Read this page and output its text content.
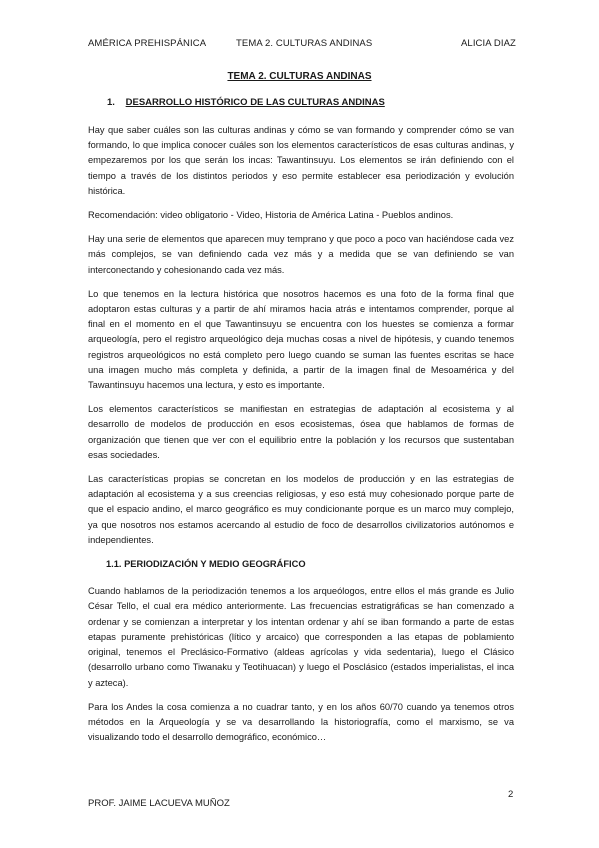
AMÉRICA PREHISPÁNICA	TEMA 2. CULTURAS ANDINAS	ALICIA DIAZ
TEMA 2. CULTURAS ANDINAS
1. DESARROLLO HISTÓRICO DE LAS CULTURAS ANDINAS

Hay que saber cuáles son las culturas andinas y cómo se van formando y comprender cómo se van formando, lo que implica conocer cuáles son los elementos característicos de esas culturas andinas, y empezaremos por los que serán los incas: Tawantinsuyu. Los elementos se irán definiendo con el tiempo a través de los distintos periodos y eso permite establecer esa periodización y evolución histórica.

Recomendación: video obligatorio - Video, Historia de América Latina - Pueblos andinos.

Hay una serie de elementos que aparecen muy temprano y que poco a poco van haciéndose cada vez más complejos, se van definiendo cada vez más y a medida que se van definiendo se van interconectando y cohesionando cada vez más.

Lo que tenemos en la lectura histórica que nosotros hacemos es una foto de la forma final que adoptaron estas culturas y a partir de ahí miramos hacia atrás e intentamos comprender, porque al final en el momento en el que Tawantinsuyu se encuentra con los huestes se comienza a formar arqueología, pero el registro arqueológico deja muchas cosas a nivel de hipótesis, y cuando tenemos registros arqueológicos no está completo pero luego cuando se suman las fuentes escritas se hace una imagen mucho más completa y definida, a partir de la imagen final de Mesoamérica y del Tawantinsuyu hacemos una lectura, y esto es importante.

Los elementos característicos se manifiestan en estrategias de adaptación al ecosistema y al desarrollo de modelos de producción en esos ecosistemas, ósea que hablamos de formas de organización que tienen que ver con el equilibrio entre la población y los recursos que sustentaban esas sociedades.

Las características propias se concretan en los modelos de producción y en las estrategias de adaptación al ecosistema y a sus creencias religiosas, y eso está muy cohesionado porque parte de que el espacio andino, el marco geográfico es muy condicionante porque es un marco muy complejo, ya que nosotros nos estamos acercando al estudio de foco de desarrollos civilizatorios autónomos e independientes.

1.1. PERIODIZACIÓN Y MEDIO GEOGRÁFICO

Cuando hablamos de la periodización tenemos a los arqueólogos, entre ellos el más grande es Julio César Tello, el cual era médico anteriormente. Las frecuencias estratigráficas se han comenzado a ordenar y se comienzan a interpretar y los intentan ordenar y ahí se iban formando a parte de estas etapas puramente prehistóricas (lítico y arcaico) que corresponden a las etapas de poblamiento original, tenemos el Preclásico-Formativo (aldeas agrícolas y vida sedentaria), luego el Clásico (desarrollo urbano como Tiwanaku y Teotihuacan) y luego el Posclásico (estados imperialistas, el inca y azteca).

Para los Andes la cosa comienza a no cuadrar tanto, y en los años 60/70 cuando ya tenemos otros métodos en la Arqueología y se va desarrollando la historiografía, como el marxismo, se va visualizando todo el desarrollo demográfico, económico…

2
PROF. JAIME LACUEVA MUÑOZ
